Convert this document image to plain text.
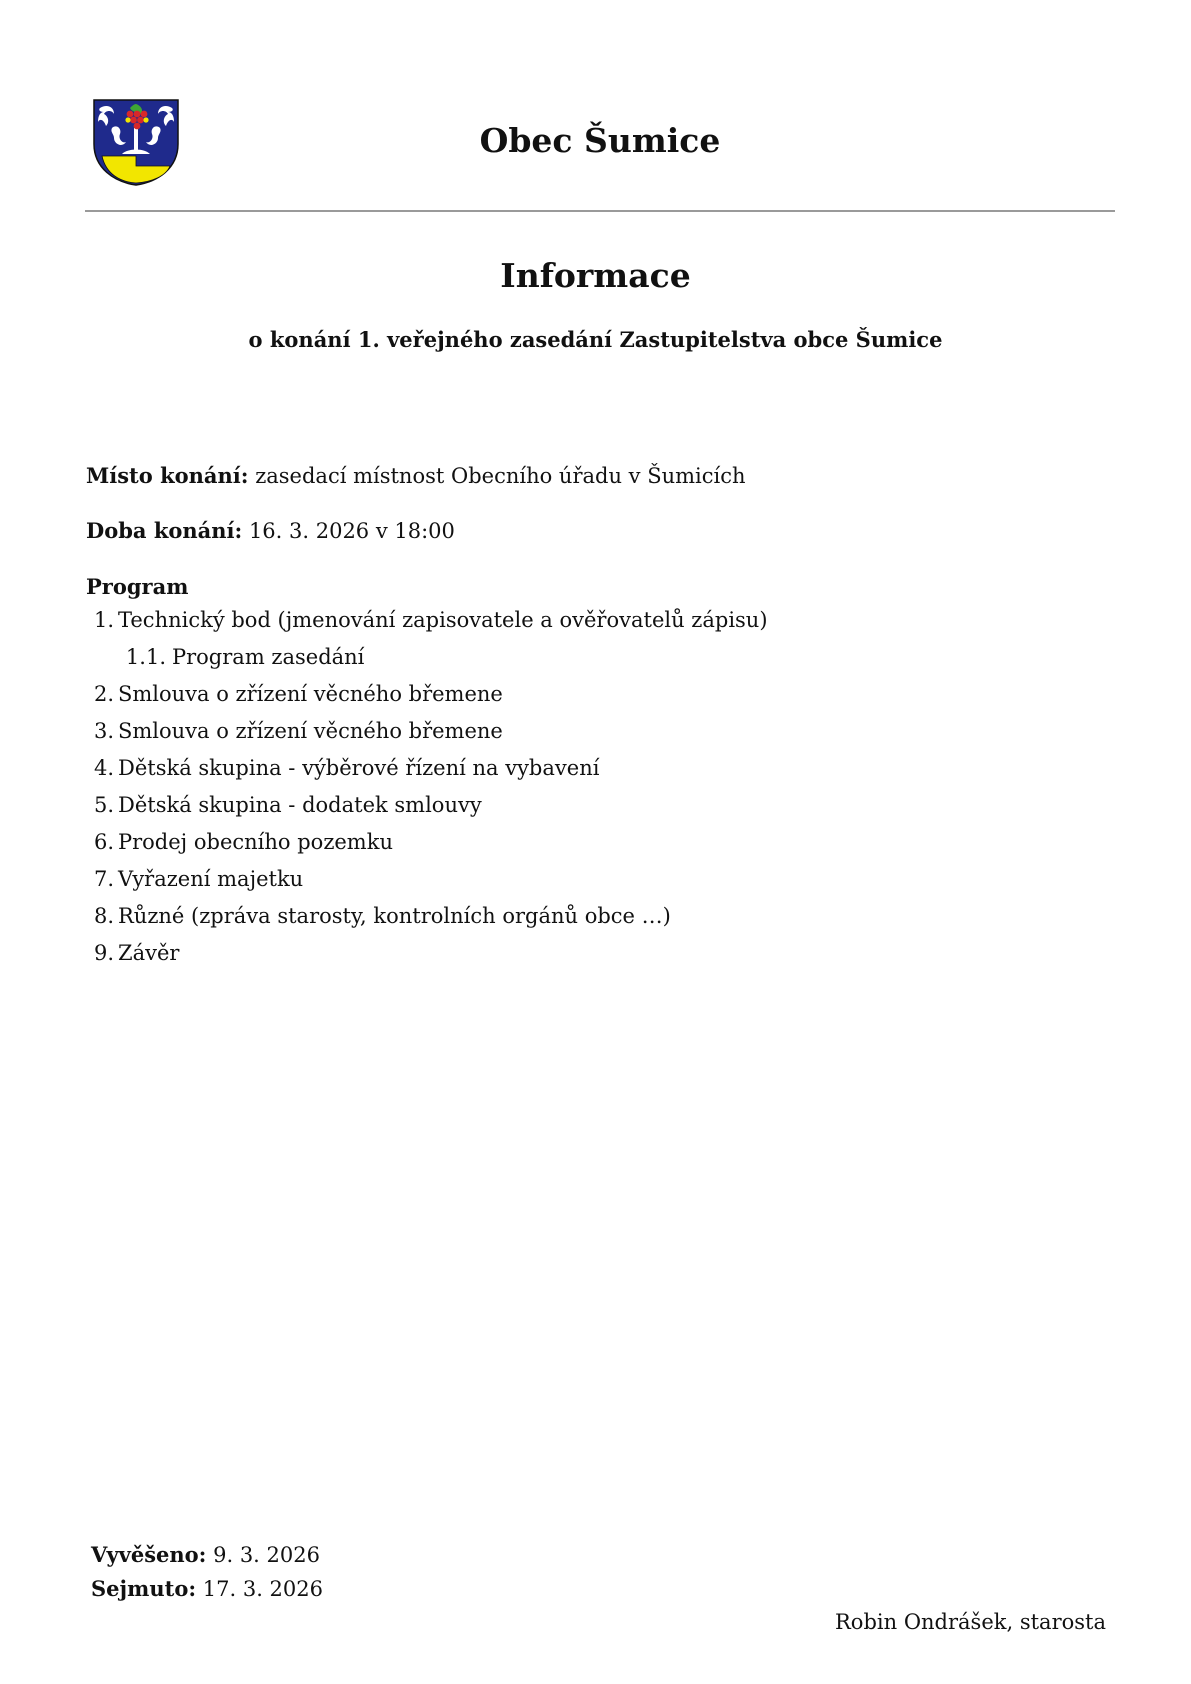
Obec Šumice
Informace
o konání 1. veřejného zasedání Zastupitelstva obce Šumice
Místo konání: zasedací místnost Obecního úřadu v Šumicích
Doba konání: 16. 3. 2026 v 18:00
Program
1. Technický bod (jmenování zapisovatele a ověřovatelů zápisu)
1.1. Program zasedání
2. Smlouva o zřízení věcného břemene
3. Smlouva o zřízení věcného břemene
4. Dětská skupina - výběrové řízení na vybavení
5. Dětská skupina - dodatek smlouvy
6. Prodej obecního pozemku
7. Vyřazení majetku
8. Různé (zpráva starosty, kontrolních orgánů obce …)
9. Závěr
Vyvěšeno: 9. 3. 2026
Sejmuto: 17. 3. 2026
Robin Ondrášek, starosta
